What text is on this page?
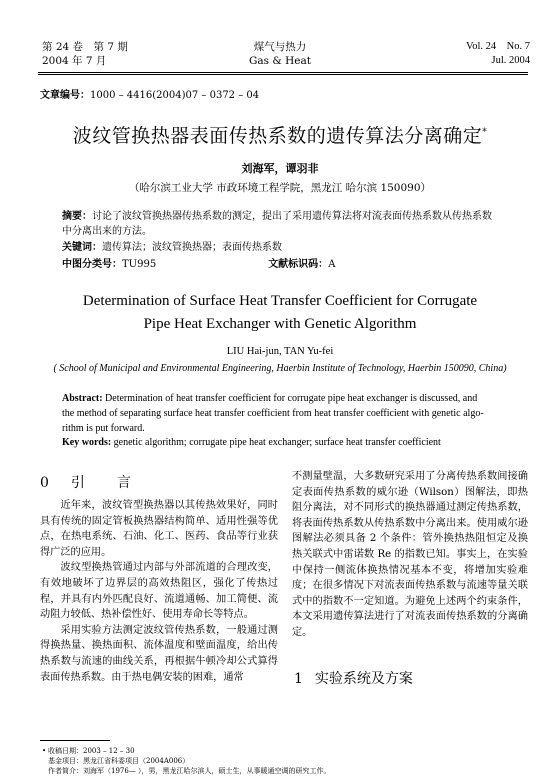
第 24 卷　第 7 期
2004 年 7 月
煤气与热力
Gas & Heat
Vol. 24　No. 7
Jul. 2004
文章编号：1000 – 4416(2004)07 – 0372 – 04
波纹管换热器表面传热系数的遗传算法分离确定*
刘海军，谭羽非
（哈尔滨工业大学 市政环境工程学院，黑龙江 哈尔滨 150090）
摘要：讨论了波纹管换热器传热系数的测定，提出了采用遗传算法将对流表面传热系数从传热系数
中分离出来的方法。
关键词：遗传算法；波纹管换热器；表面传热系数
中图分类号：TU995	文献标识码：A
Determination of Surface Heat Transfer Coefficient for Corrugate
Pipe Heat Exchanger with Genetic Algorithm
LIU Hai-jun, TAN Yu-fei
( School of Municipal and Environmental Engineering, Haerbin Institute of Technology, Haerbin 150090, China)
Abstract: Determination of heat transfer coefficient for corrugate pipe heat exchanger is discussed, and
the method of separating surface heat transfer coefficient from heat transfer coefficient with genetic algo-
rithm is put forward.
Key words: genetic algorithm; corrugate pipe heat exchanger; surface heat transfer coefficient
0 引 言

近年来，波纹管型换热器以其传热效果好，同时具有传统的固定管板换热器结构简单、适用性强等优点，在热电系统、石油、化工、医药、食品等行业获得广泛的应用。

波纹型换热管通过内部与外部流道的合理改变，有效地破坏了边界层的高效热阻区，强化了传热过程，并具有内外匹配良好、流道通畅、加工简便、流动阻力较低、热补偿性好、使用寿命长等特点。

采用实验方法测定波纹管传热系数，一般通过测得换热量、换热面积、流体温度和壁面温度，给出传热系数与流速的曲线关系，再根据牛顿冷却公式算得表面传热系数。由于热电偶安装的困难，通常

不测量壁温，大多数研究采用了分离传热系数间接确定表面传热系数的威尔逊（Wilson）图解法，即热阻分离法，对不同形式的换热器通过测定传热系数，将表面传热系数从传热系数中分离出来。使用威尔逊图解法必须具备 2 个条件：管外换热热阻恒定及换热关联式中雷诺数 Re 的指数已知。事实上，在实验中保持一侧流体换热情况基本不变，将增加实验难度；在很多情况下对流表面传热系数与流速等量关联式中的指数不一定知道。为避免上述两个约束条件，本文采用遗传算法进行了对流表面传热系数的分离确定。

1 实验系统及方案
• 收稿日期：2003 – 12 – 30
基金项目：黑龙江省科委项目（2004A006）
作者简介：刘海军（1976— ），男，黑龙江哈尔滨人，硕士生，从事暖通空调的研究工作。
